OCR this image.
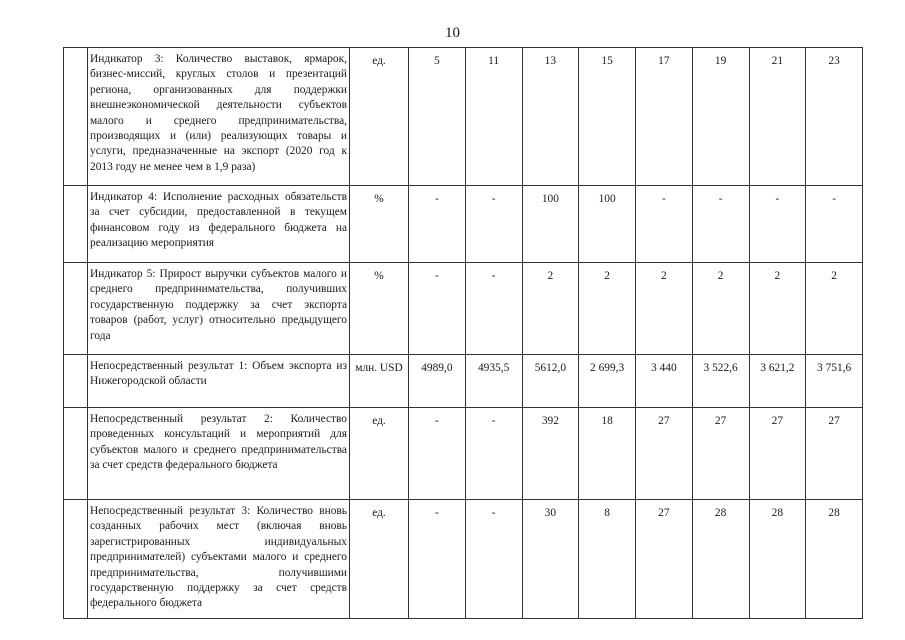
10
	Индикатор 3: Количество выставок, ярмарок, бизнес-миссий, круглых столов и презентаций региона, организованных для поддержки внешнеэкономической деятельности субъектов малого и среднего предпринимательства, производящих и (или) реализующих товары и услуги, предназначенные на экспорт (2020 год к 2013 году не менее чем в 1,9 раза)	ед.	5	11	13	15	17	19	21	23
	Индикатор 4: Исполнение расходных обязательств за счет субсидии, предоставленной в текущем финансовом году из федерального бюджета на реализацию мероприятия	%	-	-	100	100	-	-	-	-
	Индикатор 5: Прирост выручки субъектов малого и среднего предпринимательства, получивших государственную поддержку за счет экспорта товаров (работ, услуг) относительно предыдущего года	%	-	-	2	2	2	2	2	2
	Непосредственный результат 1: Объем экспорта из Нижегородской области	млн. USD	4989,0	4935,5	5612,0	2 699,3	3 440	3 522,6	3 621,2	3 751,6
	Непосредственный результат 2: Количество проведенных консультаций и мероприятий для субъектов малого и среднего предпринимательства за счет средств федерального бюджета	ед.	-	-	392	18	27	27	27	27
	Непосредственный результат 3: Количество вновь созданных рабочих мест (включая вновь зарегистрированных индивидуальных предпринимателей) субъектами малого и среднего предпринимательства, получившими государственную поддержку за счет средств федерального бюджета	ед.	-	-	30	8	27	28	28	28
